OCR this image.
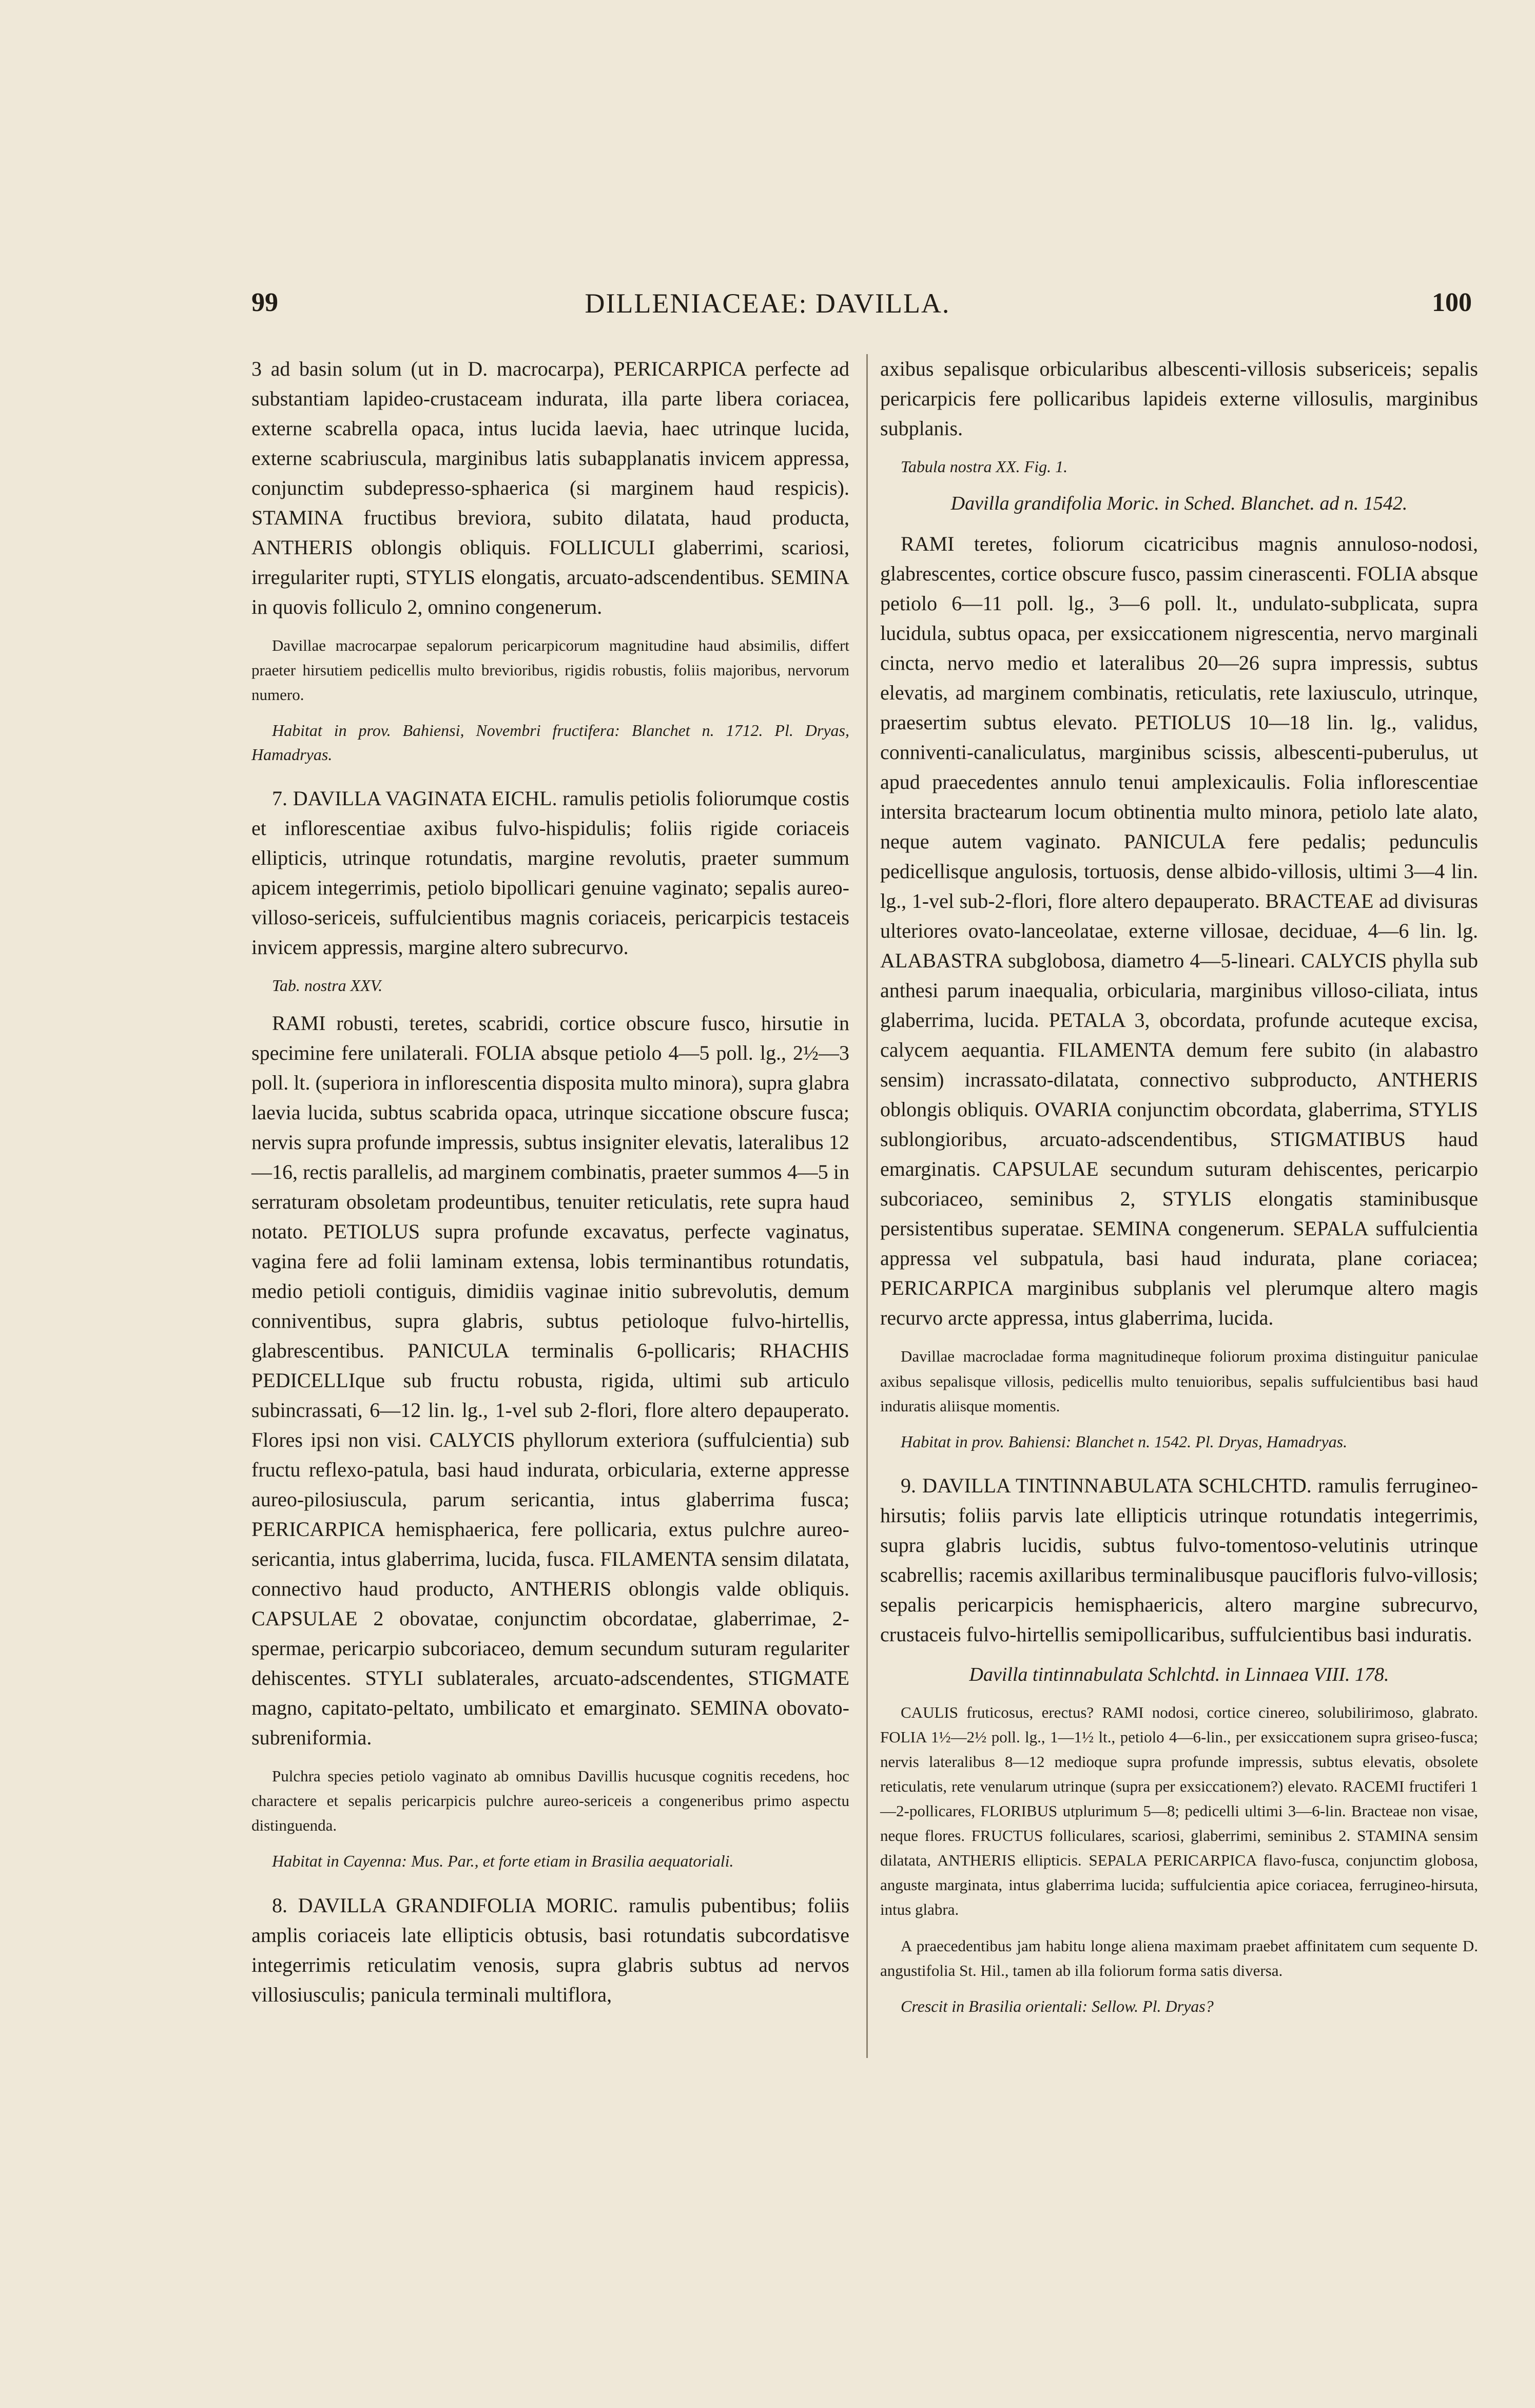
99	DILLENIACEAE: DAVILLA.	100

3 ad basin solum (ut in D. macrocarpa), PERICARPICA perfecte ad substantiam lapideo-crustaceam indurata, illa parte libera coriacea, externe scabrella opaca, intus lucida laevia, haec utrinque lucida, externe scabriuscula, marginibus latis subapplanatis invicem appressa, conjunctim subdepresso-sphaerica (si marginem haud respicis). STAMINA fructibus breviora, subito dilatata, haud producta, ANTHERIS oblongis obliquis. FOLLICULI glaberrimi, scariosi, irregulariter rupti, STYLIS elongatis, arcuato-adscendentibus. SEMINA in quovis folliculo 2, omnino congenerum.

Davillae macrocarpae sepalorum pericarpicorum magnitudine haud absimilis, differt praeter hirsutiem pedicellis multo brevioribus, rigidis robustis, foliis majoribus, nervorum numero.

Habitat in prov. Bahiensi, Novembri fructifera: Blanchet n. 1712. Pl. Dryas, Hamadryas.

7. DAVILLA VAGINATA EICHL. ramulis petiolis foliorumque costis et inflorescentiae axibus fulvo-hispidulis; foliis rigide coriaceis ellipticis, utrinque rotundatis, margine revolutis, praeter summum apicem integerrimis, petiolo bipollicari genuine vaginato; sepalis aureo-villoso-sericeis, suffulcientibus magnis coriaceis, pericarpicis testaceis invicem appressis, margine altero subrecurvo.

Tab. nostra XXV.

RAMI robusti, teretes, scabridi, cortice obscure fusco, hirsutie in specimine fere unilaterali. FOLIA absque petiolo 4—5 poll. lg., 2½—3 poll. lt. (superiora in inflorescentia disposita multo minora), supra glabra laevia lucida, subtus scabrida opaca, utrinque siccatione obscure fusca; nervis supra profunde impressis, subtus insigniter elevatis, lateralibus 12—16, rectis parallelis, ad marginem combinatis, praeter summos 4—5 in serraturam obsoletam prodeuntibus, tenuiter reticulatis, rete supra haud notato. PETIOLUS supra profunde excavatus, perfecte vaginatus, vagina fere ad folii laminam extensa, lobis terminantibus rotundatis, medio petioli contiguis, dimidiis vaginae initio subrevolutis, demum conniventibus, supra glabris, subtus petioloque fulvo-hirtellis, glabrescentibus. PANICULA terminalis 6-pollicaris; RHACHIS PEDICELLIque sub fructu robusta, rigida, ultimi sub articulo subincrassati, 6—12 lin. lg., 1-vel sub 2-flori, flore altero depauperato. Flores ipsi non visi. CALYCIS phyllorum exteriora (suffulcientia) sub fructu reflexo-patula, basi haud indurata, orbicularia, externe appresse aureo-pilosiuscula, parum sericantia, intus glaberrima fusca; PERICARPICA hemisphaerica, fere pollicaria, extus pulchre aureo-sericantia, intus glaberrima, lucida, fusca. FILAMENTA sensim dilatata, connectivo haud producto, ANTHERIS oblongis valde obliquis. CAPSULAE 2 obovatae, conjunctim obcordatae, glaberrimae, 2-spermae, pericarpio subcoriaceo, demum secundum suturam regulariter dehiscentes. STYLI sublaterales, arcuato-adscendentes, STIGMATE magno, capitato-peltato, umbilicato et emarginato. SEMINA obovato-subreniformia.

Pulchra species petiolo vaginato ab omnibus Davillis hucusque cognitis recedens, hoc charactere et sepalis pericarpicis pulchre aureo-sericeis a congeneribus primo aspectu distinguenda.

Habitat in Cayenna: Mus. Par., et forte etiam in Brasilia aequatoriali.

8. DAVILLA GRANDIFOLIA MORIC. ramulis pubentibus; foliis amplis coriaceis late ellipticis obtusis, basi rotundatis subcordatisve integerrimis reticulatim venosis, supra glabris subtus ad nervos villosiusculis; panicula terminali multiflora,

axibus sepalisque orbicularibus albescenti-villosis subsericeis; sepalis pericarpicis fere pollicaribus lapideis externe villosulis, marginibus subplanis.

Tabula nostra XX. Fig. 1.

Davilla grandifolia Moric. in Sched. Blanchet. ad n. 1542.

RAMI teretes, foliorum cicatricibus magnis annuloso-nodosi, glabrescentes, cortice obscure fusco, passim cinerascenti. FOLIA absque petiolo 6—11 poll. lg., 3—6 poll. lt., undulato-subplicata, supra lucidula, subtus opaca, per exsiccationem nigrescentia, nervo marginali cincta, nervo medio et lateralibus 20—26 supra impressis, subtus elevatis, ad marginem combinatis, reticulatis, rete laxiusculo, utrinque, praesertim subtus elevato. PETIOLUS 10—18 lin. lg., validus, conniventi-canaliculatus, marginibus scissis, albescenti-puberulus, ut apud praecedentes annulo tenui amplexicaulis. Folia inflorescentiae intersita bractearum locum obtinentia multo minora, petiolo late alato, neque autem vaginato. PANICULA fere pedalis; pedunculis pedicellisque angulosis, tortuosis, dense albido-villosis, ultimi 3—4 lin. lg., 1-vel sub-2-flori, flore altero depauperato. BRACTEAE ad divisuras ulteriores ovato-lanceolatae, externe villosae, deciduae, 4—6 lin. lg. ALABASTRA subglobosa, diametro 4—5-lineari. CALYCIS phylla sub anthesi parum inaequalia, orbicularia, marginibus villoso-ciliata, intus glaberrima, lucida. PETALA 3, obcordata, profunde acuteque excisa, calycem aequantia. FILAMENTA demum fere subito (in alabastro sensim) incrassato-dilatata, connectivo subproducto, ANTHERIS oblongis obliquis. OVARIA conjunctim obcordata, glaberrima, STYLIS sublongioribus, arcuato-adscendentibus, STIGMATIBUS haud emarginatis. CAPSULAE secundum suturam dehiscentes, pericarpio subcoriaceo, seminibus 2, STYLIS elongatis staminibusque persistentibus superatae. SEMINA congenerum. SEPALA suffulcientia appressa vel subpatula, basi haud indurata, plane coriacea; PERICARPICA marginibus subplanis vel plerumque altero magis recurvo arcte appressa, intus glaberrima, lucida.

Davillae macrocladae forma magnitudineque foliorum proxima distinguitur paniculae axibus sepalisque villosis, pedicellis multo tenuioribus, sepalis suffulcientibus basi haud induratis aliisque momentis.

Habitat in prov. Bahiensi: Blanchet n. 1542. Pl. Dryas, Hamadryas.

9. DAVILLA TINTINNABULATA SCHLCHTD. ramulis ferrugineo-hirsutis; foliis parvis late ellipticis utrinque rotundatis integerrimis, supra glabris lucidis, subtus fulvo-tomentoso-velutinis utrinque scabrellis; racemis axillaribus terminalibusque paucifloris fulvo-villosis; sepalis pericarpicis hemisphaericis, altero margine subrecurvo, crustaceis fulvo-hirtellis semipollicaribus, suffulcientibus basi induratis.

Davilla tintinnabulata Schlchtd. in Linnaea VIII. 178.

CAULIS fruticosus, erectus? RAMI nodosi, cortice cinereo, solubilirimoso, glabrato. FOLIA 1½—2½ poll. lg., 1—1½ lt., petiolo 4—6-lin., per exsiccationem supra griseo-fusca; nervis lateralibus 8—12 medioque supra profunde impressis, subtus elevatis, obsolete reticulatis, rete venularum utrinque (supra per exsiccationem?) elevato. RACEMI fructiferi 1—2-pollicares, FLORIBUS utplurimum 5—8; pedicelli ultimi 3—6-lin. Bracteae non visae, neque flores. FRUCTUS folliculares, scariosi, glaberrimi, seminibus 2. STAMINA sensim dilatata, ANTHERIS ellipticis. SEPALA PERICARPICA flavo-fusca, conjunctim globosa, anguste marginata, intus glaberrima lucida; suffulcientia apice coriacea, ferrugineo-hirsuta, intus glabra.

A praecedentibus jam habitu longe aliena maximam praebet affinitatem cum sequente D. angustifolia St. Hil., tamen ab illa foliorum forma satis diversa.

Crescit in Brasilia orientali: Sellow. Pl. Dryas?
